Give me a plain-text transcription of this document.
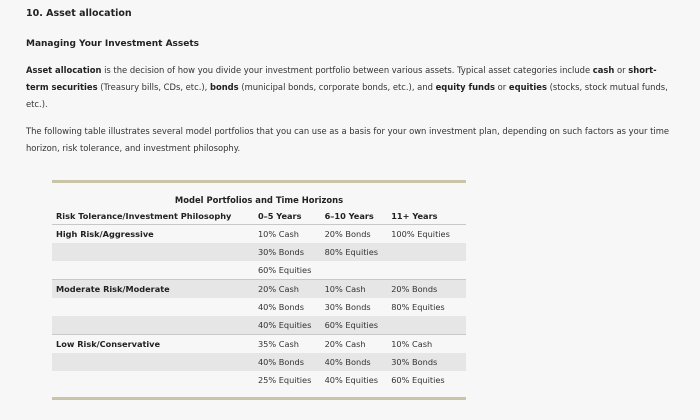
10. Asset allocation
Managing Your Investment Assets
Asset allocation is the decision of how you divide your investment portfolio between various assets. Typical asset categories include cash or short-term securities (Treasury bills, CDs, etc.), bonds (municipal bonds, corporate bonds, etc.), and equity funds or equities (stocks, stock mutual funds, etc.).
The following table illustrates several model portfolios that you can use as a basis for your own investment plan, depending on such factors as your time horizon, risk tolerance, and investment philosophy.
Model Portfolios and Time Horizons
Risk Tolerance/Investment Philosophy	0–5 Years	6–10 Years	11+ Years
High Risk/Aggressive	10% Cash	20% Bonds	100% Equities
	30% Bonds	80% Equities	
	60% Equities		
Moderate Risk/Moderate	20% Cash	10% Cash	20% Bonds
	40% Bonds	30% Bonds	80% Equities
	40% Equities	60% Equities	
Low Risk/Conservative	35% Cash	20% Cash	10% Cash
	40% Bonds	40% Bonds	30% Bonds
	25% Equities	40% Equities	60% Equities
